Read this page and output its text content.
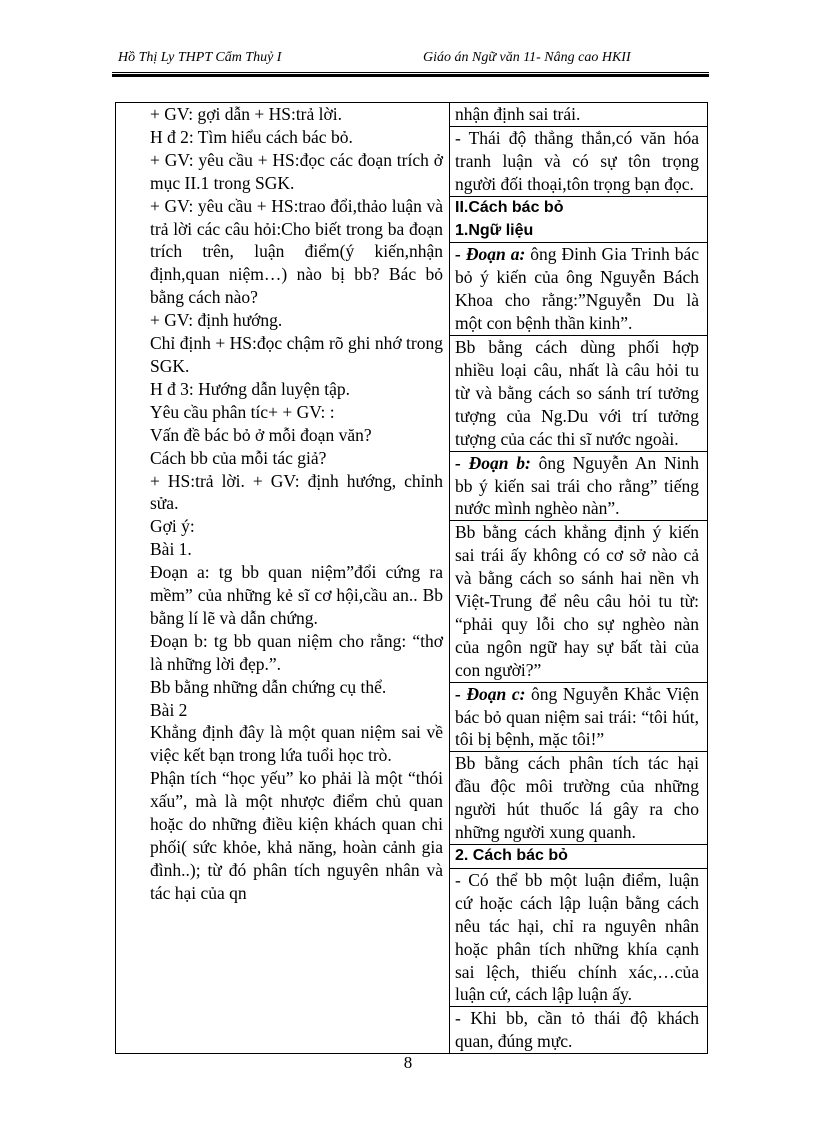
Hồ Thị Ly THPT Cẩm Thuỷ I	Giáo án Ngữ văn 11- Nâng cao HKII

+ GV: gợi dẫn + HS:trả lời.

H đ 2: Tìm hiểu cách bác bỏ.

+ GV: yêu cầu + HS:đọc các đoạn trích ở mục II.1 trong SGK.

+ GV: yêu cầu + HS:trao đổi,thảo luận và trả lời các câu hỏi:Cho biết trong ba đoạn trích trên, luận điểm(ý kiến,nhận định,quan niệm…) nào bị bb? Bác bỏ bằng cách nào?

+ GV: định hướng.

Chỉ định + HS:đọc chậm rõ ghi nhớ trong SGK.

H đ 3: Hướng dẫn luyện tập.

Yêu cầu phân tíc+ + GV: :

Vấn đề bác bỏ ở mỗi đoạn văn?

Cách bb của mỗi tác giả?

+ HS:trả lời. + GV: định hướng, chỉnh sửa.

Gợi ý:

Bài 1.

Đoạn a: tg bb quan niệm”đổi cứng ra mềm” của những kẻ sĩ cơ hội,cầu an.. Bb bằng lí lẽ và dẫn chứng.

Đoạn b: tg bb quan niệm cho rằng: “thơ là những lời đẹp.”.

Bb bằng những dẫn chứng cụ thể.

Bài 2

Khẳng định đây là một quan niệm sai về việc kết bạn trong lứa tuổi học trò.

Phận tích “học yếu” ko phải là một “thói xấu”, mà là một nhược điểm chủ quan hoặc do những điều kiện khách quan chi phối( sức khỏe, khả năng, hoàn cảnh gia đình..); từ đó phân tích nguyên nhân và tác hại của qn

nhận định sai trái.

- Thái độ thẳng thắn,có văn hóa tranh luận và có sự tôn trọng người đối thoại,tôn trọng bạn đọc.

II.Cách bác bỏ

1.Ngữ liệu

- Đoạn a: ông Đinh Gia Trinh bác bỏ ý kiến của ông Nguyễn Bách Khoa cho rằng:”Nguyễn Du là một con bệnh thần kinh”.

Bb bằng cách dùng phối hợp nhiều loại câu, nhất là câu hỏi tu từ và bằng cách so sánh trí tưởng tượng của Ng.Du với trí tưởng tượng của các thi sĩ nước ngoài.

- Đoạn b: ông Nguyễn An Ninh bb ý kiến sai trái cho rằng” tiếng nước mình nghèo nàn”.

Bb bằng cách khẳng định ý kiến sai trái ấy không có cơ sở nào cả và bằng cách so sánh hai nền vh Việt-Trung để nêu câu hỏi tu từ: “phải quy lỗi cho sự nghèo nàn của ngôn ngữ hay sự bất tài của con người?”

- Đoạn c: ông Nguyễn Khắc Viện bác bỏ quan niệm sai trái: “tôi hút, tôi bị bệnh, mặc tôi!”

Bb bằng cách phân tích tác hại đầu độc môi trường của những người hút thuốc lá gây ra cho những người xung quanh.

2. Cách bác bỏ

- Có thể bb một luận điểm, luận cứ hoặc cách lập luận bằng cách nêu tác hại, chỉ ra nguyên nhân hoặc phân tích những khía cạnh sai lệch, thiếu chính xác,…của luận cứ, cách lập luận ấy.

- Khi bb, cần tỏ thái độ khách quan, đúng mực.

8
